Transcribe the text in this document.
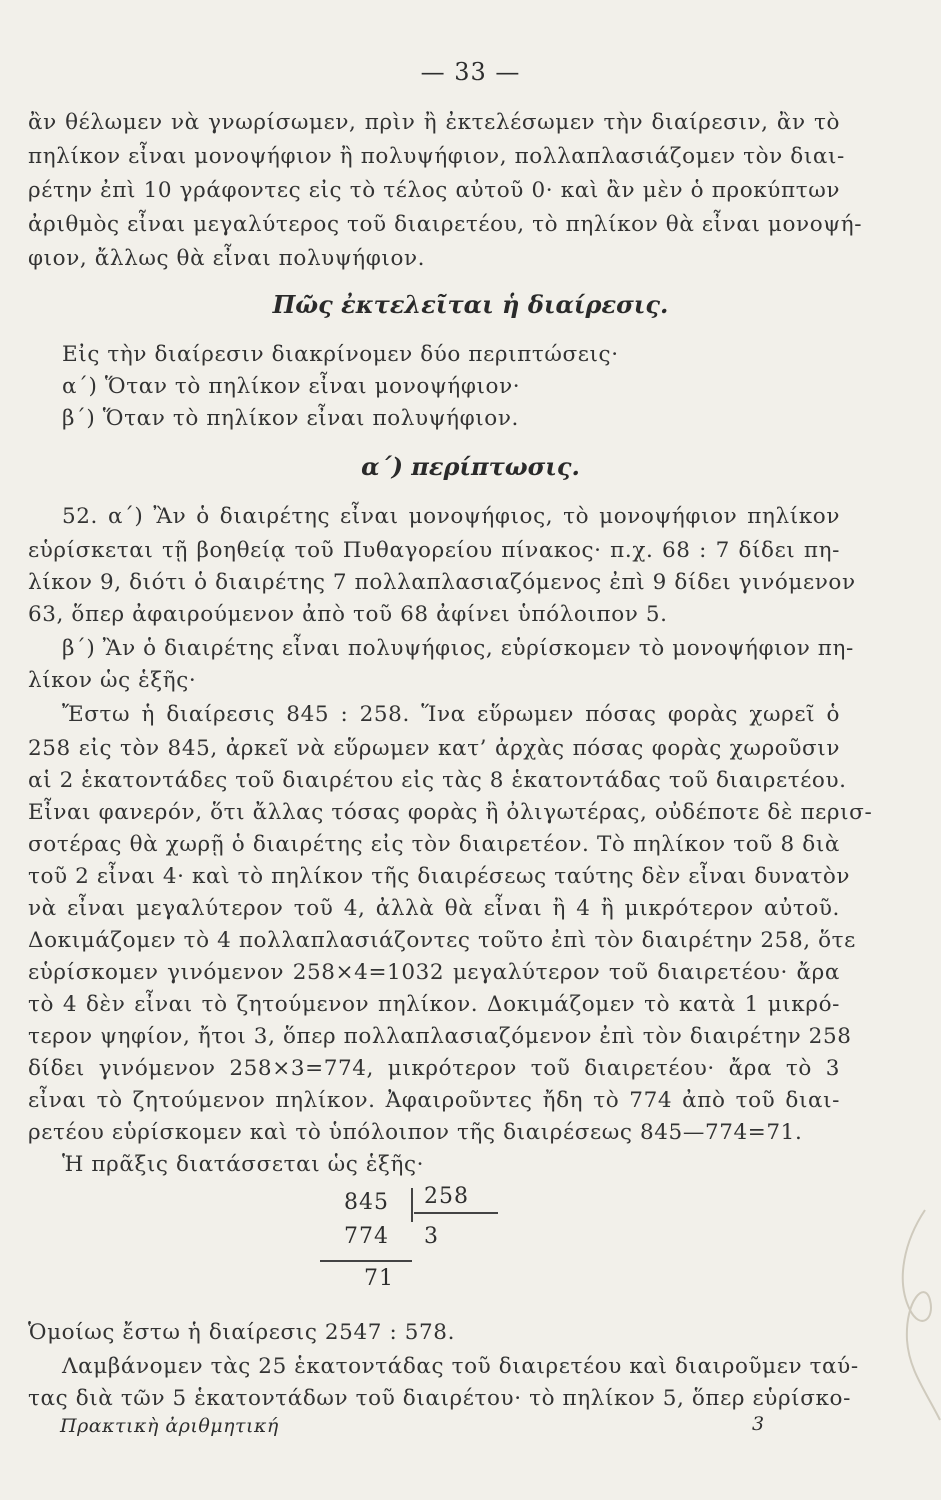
— 33 —
ἂν θέλωμεν νὰ γνωρίσωμεν, πρὶν ἢ ἐκτελέσωμεν τὴν διαίρεσιν, ἂν τὸ
πηλίκον εἶναι μονοψήφιον ἢ πολυψήφιον, πολλαπλασιάζομεν τὸν διαι-
ρέτην ἐπὶ 10 γράφοντες εἰς τὸ τέλος αὐτοῦ 0· καὶ ἂν μὲν ὁ προκύπτων
ἀριθμὸς εἶναι μεγαλύτερος τοῦ διαιρετέου, τὸ πηλίκον θὰ εἶναι μονοψή-
φιον, ἄλλως θὰ εἶναι πολυψήφιον.
Πῶς ἐκτελεῖται ἡ διαίρεσις.
Εἰς τὴν διαίρεσιν διακρίνομεν δύο περιπτώσεις·
α΄) Ὅταν τὸ πηλίκον εἶναι μονοψήφιον·
β΄) Ὅταν τὸ πηλίκον εἶναι πολυψήφιον.
α΄) περίπτωσις.
52. α΄) Ἂν ὁ διαιρέτης εἶναι μονοψήφιος, τὸ μονοψήφιον πηλίκον
εὑρίσκεται τῇ βοηθείᾳ τοῦ Πυθαγορείου πίνακος· π.χ. 68 : 7 δίδει πη-
λίκον 9, διότι ὁ διαιρέτης 7 πολλαπλασιαζόμενος ἐπὶ 9 δίδει γινόμενον
63, ὅπερ ἀφαιρούμενον ἀπὸ τοῦ 68 ἀφίνει ὑπόλοιπον 5.
β΄) Ἂν ὁ διαιρέτης εἶναι πολυψήφιος, εὑρίσκομεν τὸ μονοψήφιον πη-
λίκον ὡς ἑξῆς·
Ἔστω ἡ διαίρεσις 845 : 258. Ἵνα εὕρωμεν πόσας φορὰς χωρεῖ ὁ
258 εἰς τὸν 845, ἀρκεῖ νὰ εὕρωμεν κατ’ ἀρχὰς πόσας φορὰς χωροῦσιν
αἱ 2 ἑκατοντάδες τοῦ διαιρέτου εἰς τὰς 8 ἑκατοντάδας τοῦ διαιρετέου.
Εἶναι φανερόν, ὅτι ἄλλας τόσας φορὰς ἢ ὀλιγωτέρας, οὐδέποτε δὲ περισ-
σοτέρας θὰ χωρῇ ὁ διαιρέτης εἰς τὸν διαιρετέον. Τὸ πηλίκον τοῦ 8 διὰ
τοῦ 2 εἶναι 4· καὶ τὸ πηλίκον τῆς διαιρέσεως ταύτης δὲν εἶναι δυνατὸν
νὰ εἶναι μεγαλύτερον τοῦ 4, ἀλλὰ θὰ εἶναι ἢ 4 ἢ μικρότερον αὐτοῦ.
Δοκιμάζομεν τὸ 4 πολλαπλασιάζοντες τοῦτο ἐπὶ τὸν διαιρέτην 258, ὅτε
εὑρίσκομεν γινόμενον 258×4=1032 μεγαλύτερον τοῦ διαιρετέου· ἄρα
τὸ 4 δὲν εἶναι τὸ ζητούμενον πηλίκον. Δοκιμάζομεν τὸ κατὰ 1 μικρό-
τερον ψηφίον, ἤτοι 3, ὅπερ πολλαπλασιαζόμενον ἐπὶ τὸν διαιρέτην 258
δίδει γινόμενον 258×3=774, μικρότερον τοῦ διαιρετέου· ἄρα τὸ 3
εἶναι τὸ ζητούμενον πηλίκον. Ἀφαιροῦντες ἤδη τὸ 774 ἀπὸ τοῦ διαι-
ρετέου εὑρίσκομεν καὶ τὸ ὑπόλοιπον τῆς διαιρέσεως 845—774=71.
Ἡ πρᾶξις διατάσσεται ὡς ἑξῆς·
845 258
774 3
71
Ὁμοίως ἔστω ἡ διαίρεσις 2547 : 578.
Λαμβάνομεν τὰς 25 ἑκατοντάδας τοῦ διαιρετέου καὶ διαιροῦμεν ταύ-
τας διὰ τῶν 5 ἑκατοντάδων τοῦ διαιρέτου· τὸ πηλίκον 5, ὅπερ εὑρίσκο-
Πρακτικὴ ἀριθμητική	3
